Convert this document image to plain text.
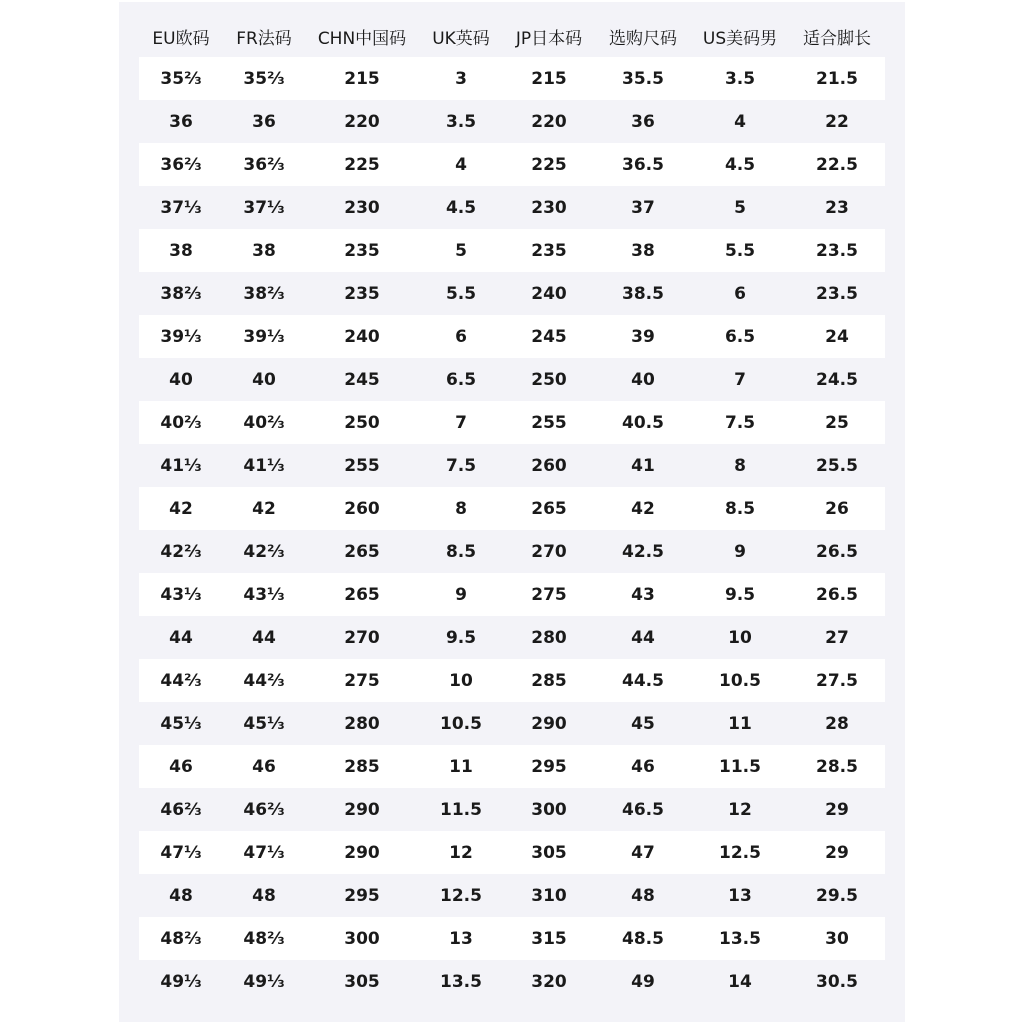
EU欧码	FR法码	CHN中国码	UK英码	JP日本码	选购尺码	US美码男	适合脚长
35⅔	35⅔	215	3	215	35.5	3.5	21.5
36	36	220	3.5	220	36	4	22
36⅔	36⅔	225	4	225	36.5	4.5	22.5
37⅓	37⅓	230	4.5	230	37	5	23
38	38	235	5	235	38	5.5	23.5
38⅔	38⅔	235	5.5	240	38.5	6	23.5
39⅓	39⅓	240	6	245	39	6.5	24
40	40	245	6.5	250	40	7	24.5
40⅔	40⅔	250	7	255	40.5	7.5	25
41⅓	41⅓	255	7.5	260	41	8	25.5
42	42	260	8	265	42	8.5	26
42⅔	42⅔	265	8.5	270	42.5	9	26.5
43⅓	43⅓	265	9	275	43	9.5	26.5
44	44	270	9.5	280	44	10	27
44⅔	44⅔	275	10	285	44.5	10.5	27.5
45⅓	45⅓	280	10.5	290	45	11	28
46	46	285	11	295	46	11.5	28.5
46⅔	46⅔	290	11.5	300	46.5	12	29
47⅓	47⅓	290	12	305	47	12.5	29
48	48	295	12.5	310	48	13	29.5
48⅔	48⅔	300	13	315	48.5	13.5	30
49⅓	49⅓	305	13.5	320	49	14	30.5
